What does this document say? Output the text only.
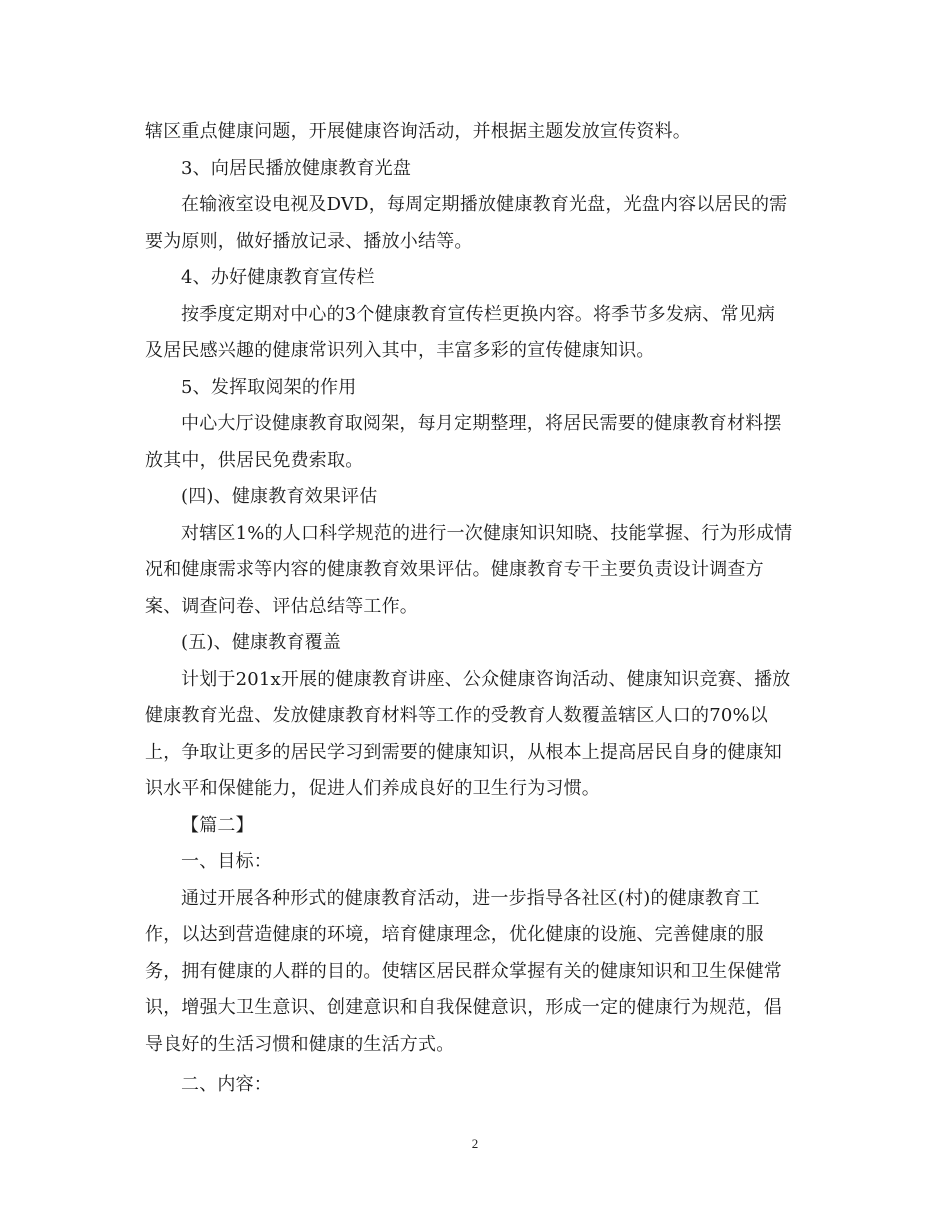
辖区重点健康问题，开展健康咨询活动，并根据主题发放宣传资料。
3、向居民播放健康教育光盘
在输液室设电视及DVD，每周定期播放健康教育光盘，光盘内容以居民的需
要为原则，做好播放记录、播放小结等。
4、办好健康教育宣传栏
按季度定期对中心的3个健康教育宣传栏更换内容。将季节多发病、常见病
及居民感兴趣的健康常识列入其中，丰富多彩的宣传健康知识。
5、发挥取阅架的作用
中心大厅设健康教育取阅架，每月定期整理，将居民需要的健康教育材料摆
放其中，供居民免费索取。
(四)、健康教育效果评估
对辖区1%的人口科学规范的进行一次健康知识知晓、技能掌握、行为形成情
况和健康需求等内容的健康教育效果评估。健康教育专干主要负责设计调查方
案、调查问卷、评估总结等工作。
(五)、健康教育覆盖
计划于201x开展的健康教育讲座、公众健康咨询活动、健康知识竞赛、播放
健康教育光盘、发放健康教育材料等工作的受教育人数覆盖辖区人口的70%以
上，争取让更多的居民学习到需要的健康知识，从根本上提高居民自身的健康知
识水平和保健能力，促进人们养成良好的卫生行为习惯。
【篇二】
一、目标：
通过开展各种形式的健康教育活动，进一步指导各社区(村)的健康教育工
作，以达到营造健康的环境，培育健康理念，优化健康的设施、完善健康的服
务，拥有健康的人群的目的。使辖区居民群众掌握有关的健康知识和卫生保健常
识，增强大卫生意识、创建意识和自我保健意识，形成一定的健康行为规范，倡
导良好的生活习惯和健康的生活方式。
二、内容：
2
